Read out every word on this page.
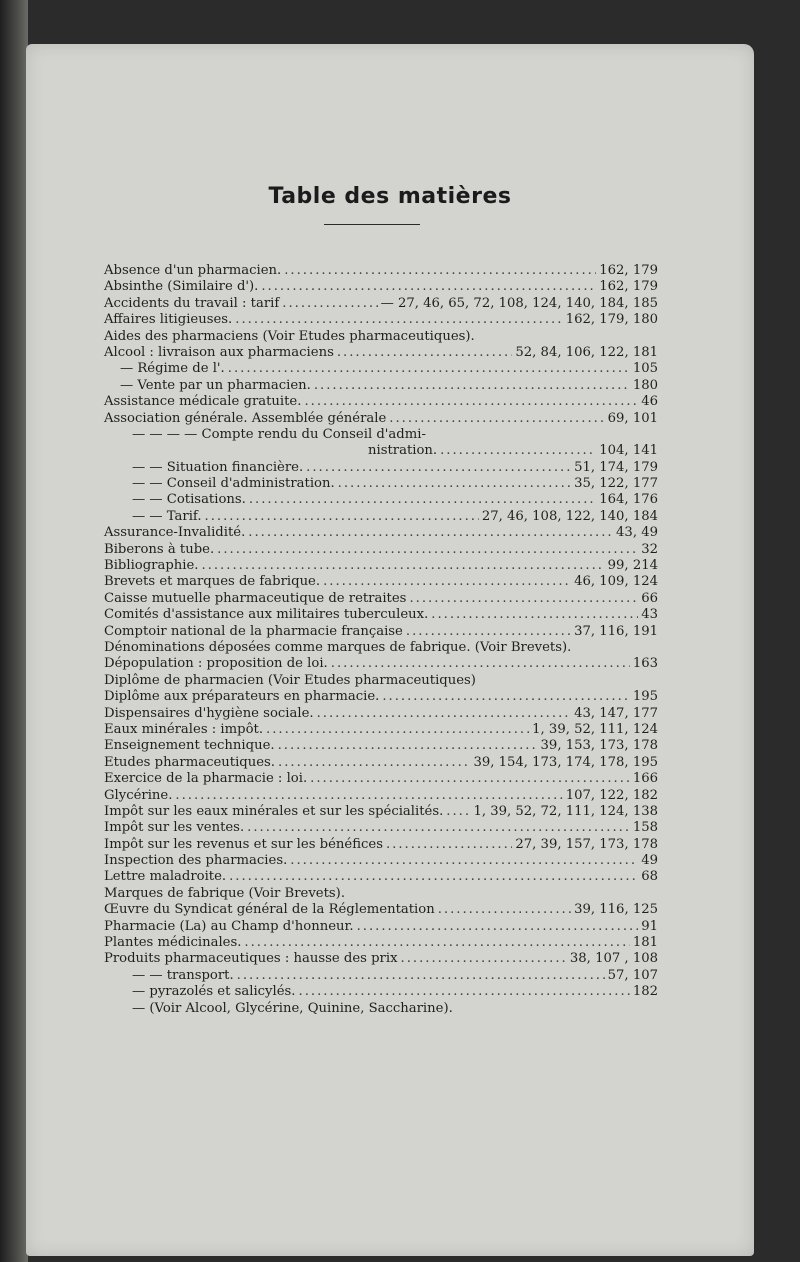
Table des matières
Absence d'un pharmacien. .....	162, 179
Absinthe (Similaire d'). .....	162, 179
Accidents du travail : tarif .....	— 27, 46, 65, 72, 108, 124, 140, 184, 185
Affaires litigieuses. .....	162, 179, 180
Aides des pharmaciens (Voir Etudes pharmaceutiques).
Alcool : livraison aux pharmaciens .....	52, 84, 106, 122, 181
— Régime de l'. .....	105
— Vente par un pharmacien. .....	180
Assistance médicale gratuite. .....	46
Association générale. Assemblée générale .....	69, 101
— — — — Compte rendu du Conseil d'admi-
nistration. .....	104, 141
— — Situation financière. .....	51, 174, 179
— — Conseil d'administration. .....	35, 122, 177
— — Cotisations. .....	164, 176
— — Tarif. .....	27, 46, 108, 122, 140, 184
Assurance-Invalidité. .....	43, 49
Biberons à tube. .....	32
Bibliographie. .....	99, 214
Brevets et marques de fabrique. .....	46, 109, 124
Caisse mutuelle pharmaceutique de retraites .....	66
Comités d'assistance aux militaires tuberculeux. .....	43
Comptoir national de la pharmacie française .....	37, 116, 191
Dénominations déposées comme marques de fabrique. (Voir Brevets).
Dépopulation : proposition de loi. .....	163
Diplôme de pharmacien (Voir Etudes pharmaceutiques)
Diplôme aux préparateurs en pharmacie. .....	195
Dispensaires d'hygiène sociale. .....	43, 147, 177
Eaux minérales : impôt. .....	1, 39, 52, 111, 124
Enseignement technique. .....	39, 153, 173, 178
Etudes pharmaceutiques. .....	39, 154, 173, 174, 178, 195
Exercice de la pharmacie : loi. .....	166
Glycérine. .....	107, 122, 182
Impôt sur les eaux minérales et sur les spécialités. ..... 1, 39, 52, 72, 111, 124, 138
Impôt sur les ventes. .....	158
Impôt sur les revenus et sur les bénéfices .....	27, 39, 157, 173, 178
Inspection des pharmacies. .....	49
Lettre maladroite. .....	68
Marques de fabrique (Voir Brevets).
Œuvre du Syndicat général de la Réglementation .....	39, 116, 125
Pharmacie (La) au Champ d'honneur. .....	91
Plantes médicinales. .....	181
Produits pharmaceutiques : hausse des prix .....	38, 107 , 108
— — transport. .....	57, 107
— pyrazolés et salicylés. .....	182
— (Voir Alcool, Glycérine, Quinine, Saccharine).
